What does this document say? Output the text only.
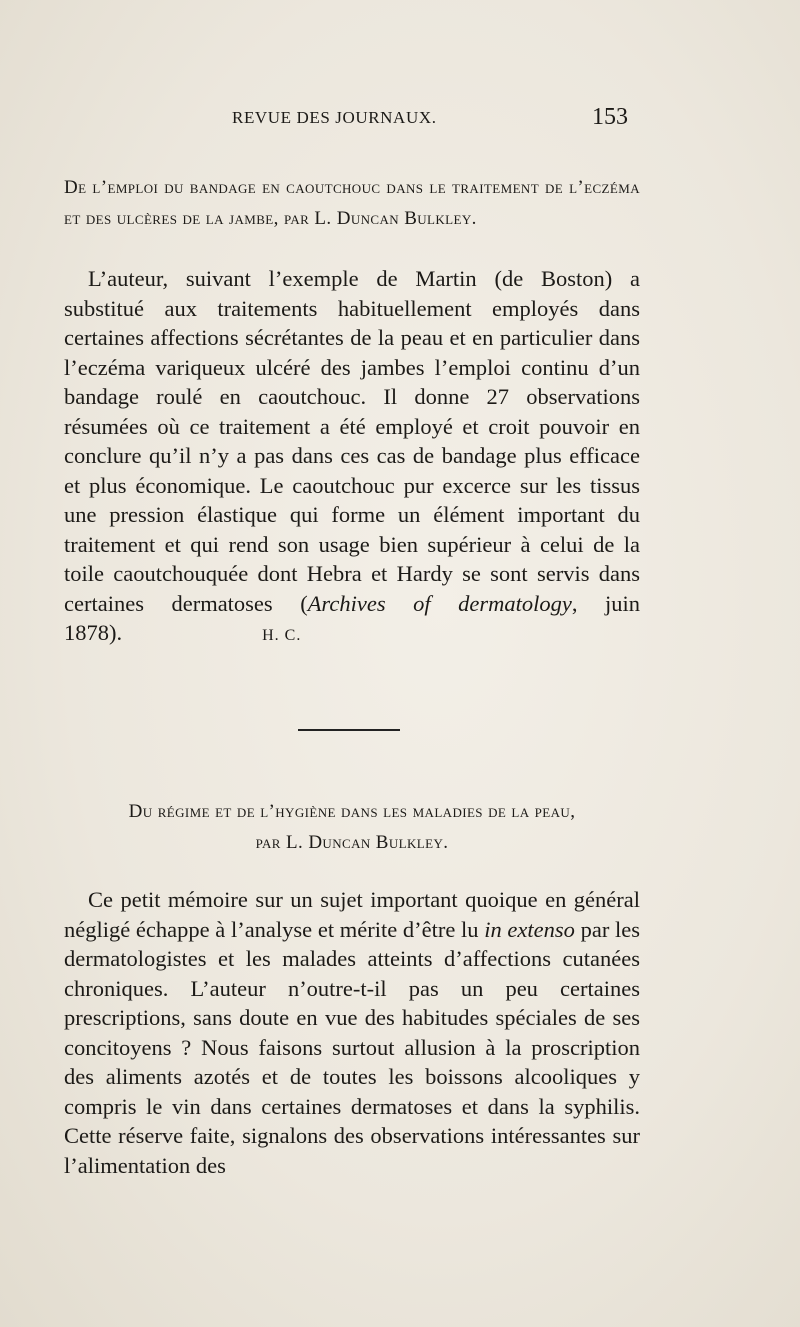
REVUE DES JOURNAUX.	153

De l’emploi du bandage en caoutchouc dans le traitement de l’eczéma et des ulcères de la jambe, par L. Duncan Bulkley.

L’auteur, suivant l’exemple de Martin (de Boston) a substitué aux traitements habituellement employés dans certaines affections sécrétantes de la peau et en particulier dans l’eczéma variqueux ulcéré des jambes l’emploi continu d’un bandage roulé en caoutchouc. Il donne 27 observations résumées où ce traitement a été employé et croit pouvoir en conclure qu’il n’y a pas dans ces cas de bandage plus efficace et plus économique. Le caoutchouc pur excerce sur les tissus une pression élastique qui forme un élément important du traitement et qui rend son usage bien supérieur à celui de la toile caoutchouquée dont Hebra et Hardy se sont servis dans certaines dermatoses (Archives of dermatology, juin 1878).	H. C.

Du régime et de l’hygiène dans les maladies de la peau,
par L. Duncan Bulkley.

Ce petit mémoire sur un sujet important quoique en général négligé échappe à l’analyse et mérite d’être lu in extenso par les dermatologistes et les malades atteints d’affections cutanées chroniques. L’auteur n’outre-t-il pas un peu certaines prescriptions, sans doute en vue des habitudes spéciales de ses concitoyens ? Nous faisons surtout allusion à la proscription des aliments azotés et de toutes les boissons alcooliques y compris le vin dans certaines dermatoses et dans la syphilis. Cette réserve faite, signalons des observations intéressantes sur l’alimentation des
